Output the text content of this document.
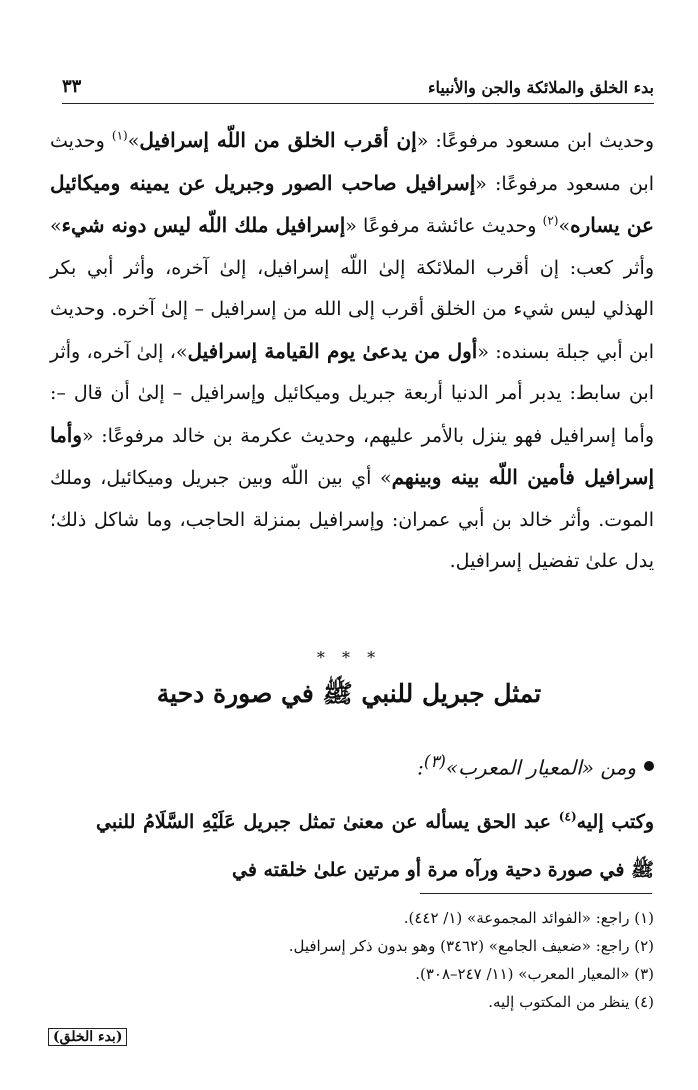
بدء الخلق والملائكة والجن والأنبياء
٣٣

وحديث ابن مسعود مرفوعًا: «إن أقرب الخلق من اللّه إسرافيل»$^{(١)}$ وحديث ابن مسعود مرفوعًا: «إسرافيل صاحب الصور وجبريل عن يمينه وميكائيل عن يساره»$^{(٢)}$ وحديث عائشة مرفوعًا «إسرافيل ملك اللّه ليس دونه شيء» وأثر كعب: إن أقرب الملائكة إلىٰ اللّه إسرافيل، إلىٰ آخره، وأثر أبي بكر الهذلي ليس شيء من الخلق أقرب إلى الله من إسرافيل – إلىٰ آخره. وحديث ابن أبي جبلة بسنده: «أول من يدعىٰ يوم القيامة إسرافيل»، إلىٰ آخره، وأثر ابن سابط: يدبر أمر الدنيا أربعة جبريل وميكائيل وإسرافيل – إلىٰ أن قال –: وأما إسرافيل فهو ينزل بالأمر عليهم، وحديث عكرمة بن خالد مرفوعًا: «وأما إسرافيل فأمين اللّه بينه وبينهم» أي بين اللّه وبين جبريل وميكائيل، وملك الموت. وأثر خالد بن أبي عمران: وإسرافيل بمنزلة الحاجب، وما شاكل ذلك؛ يدل علىٰ تفضيل إسرافيل.

* * *
تمثل جبريل للنبي ﷺ في صورة دحية
ومن «المعيار المعرب»$^{(٣)}$:
وكتب إليه$^{(٤)}$ عبد الحق يسأله عن معنىٰ تمثل جبريل عَلَيْهِ السَّلَامُ للنبي ﷺ في صورة دحية ورآه مرة أو مرتين علىٰ خلقته في
(١) راجع: «الفوائد المجموعة» (١/ ٤٤٢).
(٢) راجع: «ضعيف الجامع» (٣٤٦٢) وهو بدون ذكر إسرافيل.
(٣) «المعيار المعرب» (١١/ ٢٤٧–٣٠٨).
(٤) ينظر من المكتوب إليه.
(بدء الخلق)
